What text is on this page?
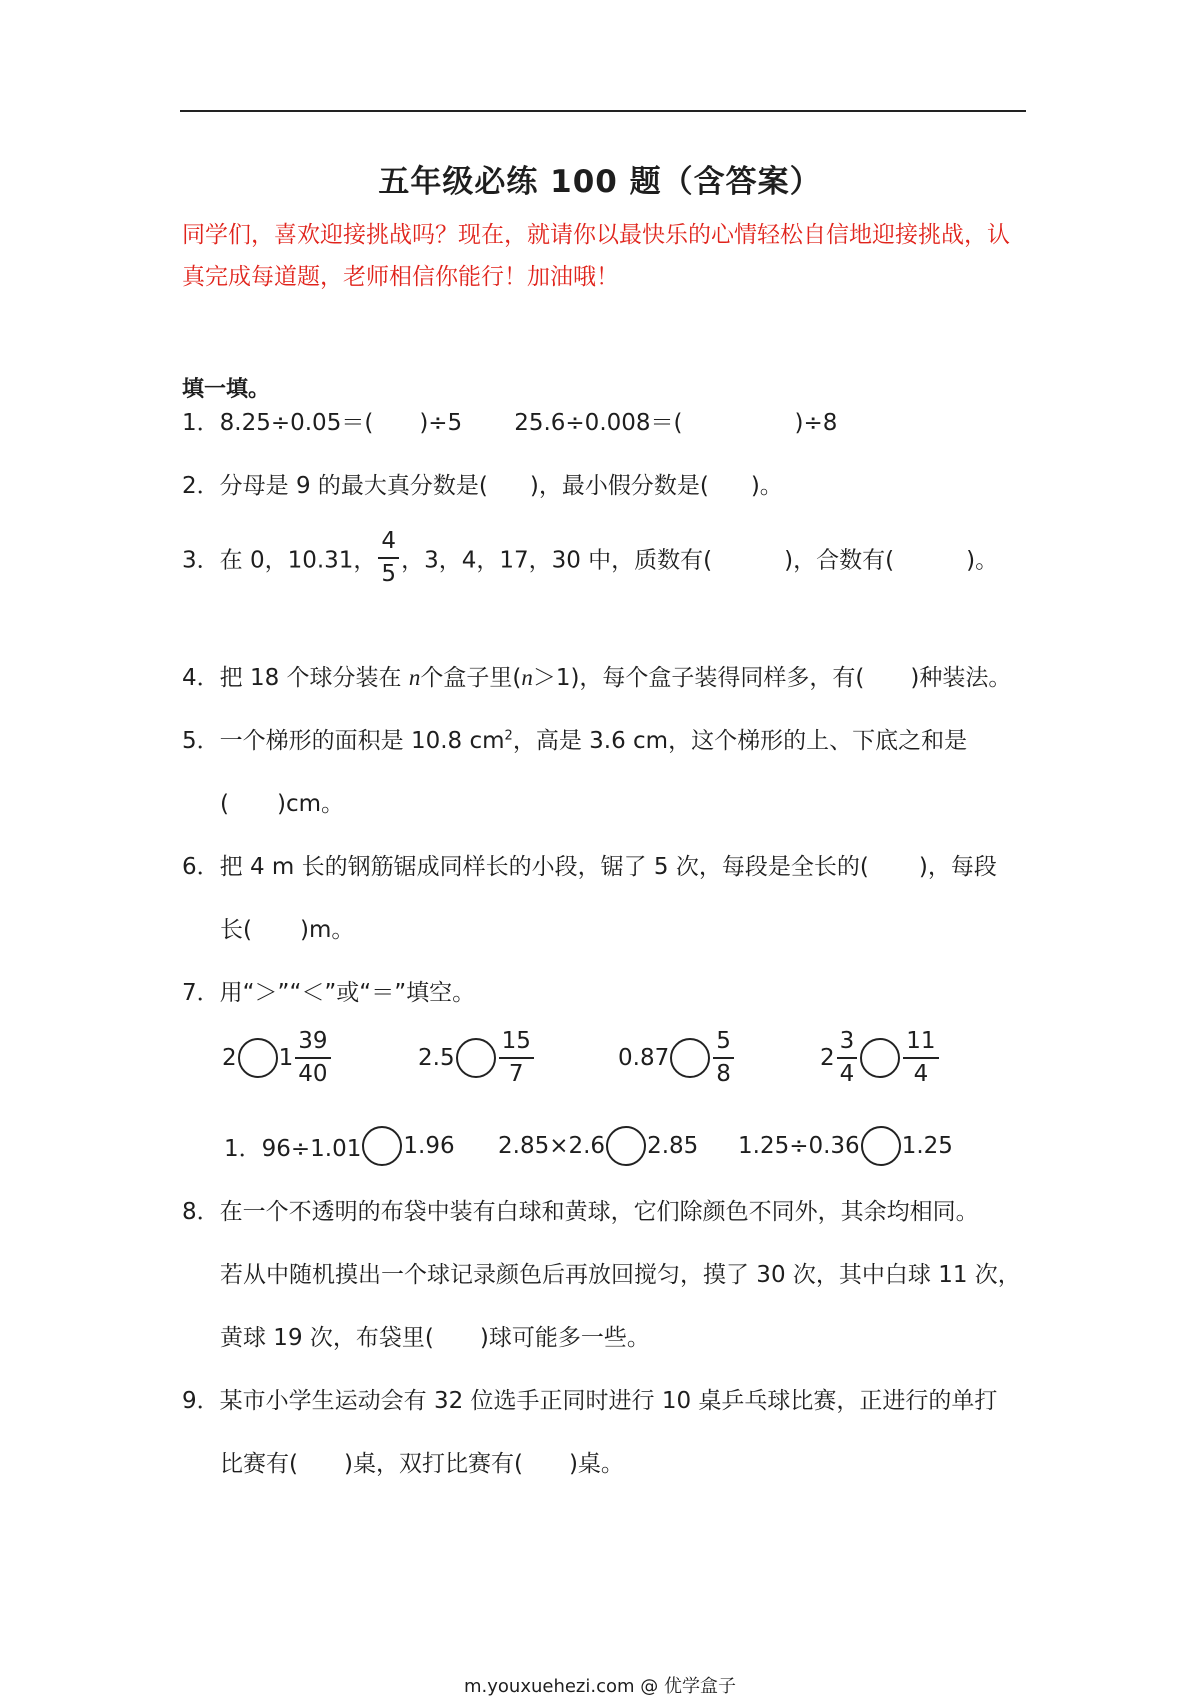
五年级必练 100 题（含答案）
同学们，喜欢迎接挑战吗？现在，就请你以最快乐的心情轻松自信地迎接挑战，认真完成每道题，老师相信你能行！加油哦！
填一填。
1．8.25÷0.05＝( )÷5 25.6÷0.008＝(	)÷8
2．分母是 9 的最大真分数是( )，最小假分数是( )。
3．在 0，10.31， $\frac{4}{5}$ ，3，4，17，30 中，质数有(	)，合数有(	)。
4．把 18 个球分装在 n个盒子里(n＞1)，每个盒子装得同样多，有( )种装法。
5．一个梯形的面积是 10.8 $cm^2$，高是 3.6 cm，这个梯形的上、下底之和是
( )cm。
6．把 4 m 长的钢筋锯成同样长的小段，锯了 5 次，每段是全长的( )，每段
长( )m。
7．用“＞”“＜”或“＝”填空。
2 $1 \frac{39}{40}$	$2.5 \frac{15}{7}$	$0.87 \frac{5}{8}$	$2 \frac{3}{4} \frac{11}{4}$
1．96÷1.01 1.96 2.85×2.6 2.85 1.25÷0.36 1.25
8．在一个不透明的布袋中装有白球和黄球，它们除颜色不同外，其余均相同。
若从中随机摸出一个球记录颜色后再放回搅匀，摸了 30 次，其中白球 11 次，
黄球 19 次，布袋里( )球可能多一些。
9．某市小学生运动会有 32 位选手正同时进行 10 桌乒乓球比赛，正进行的单打
比赛有( )桌，双打比赛有( )桌。
m.youxuehezi.com @ 优学盒子
